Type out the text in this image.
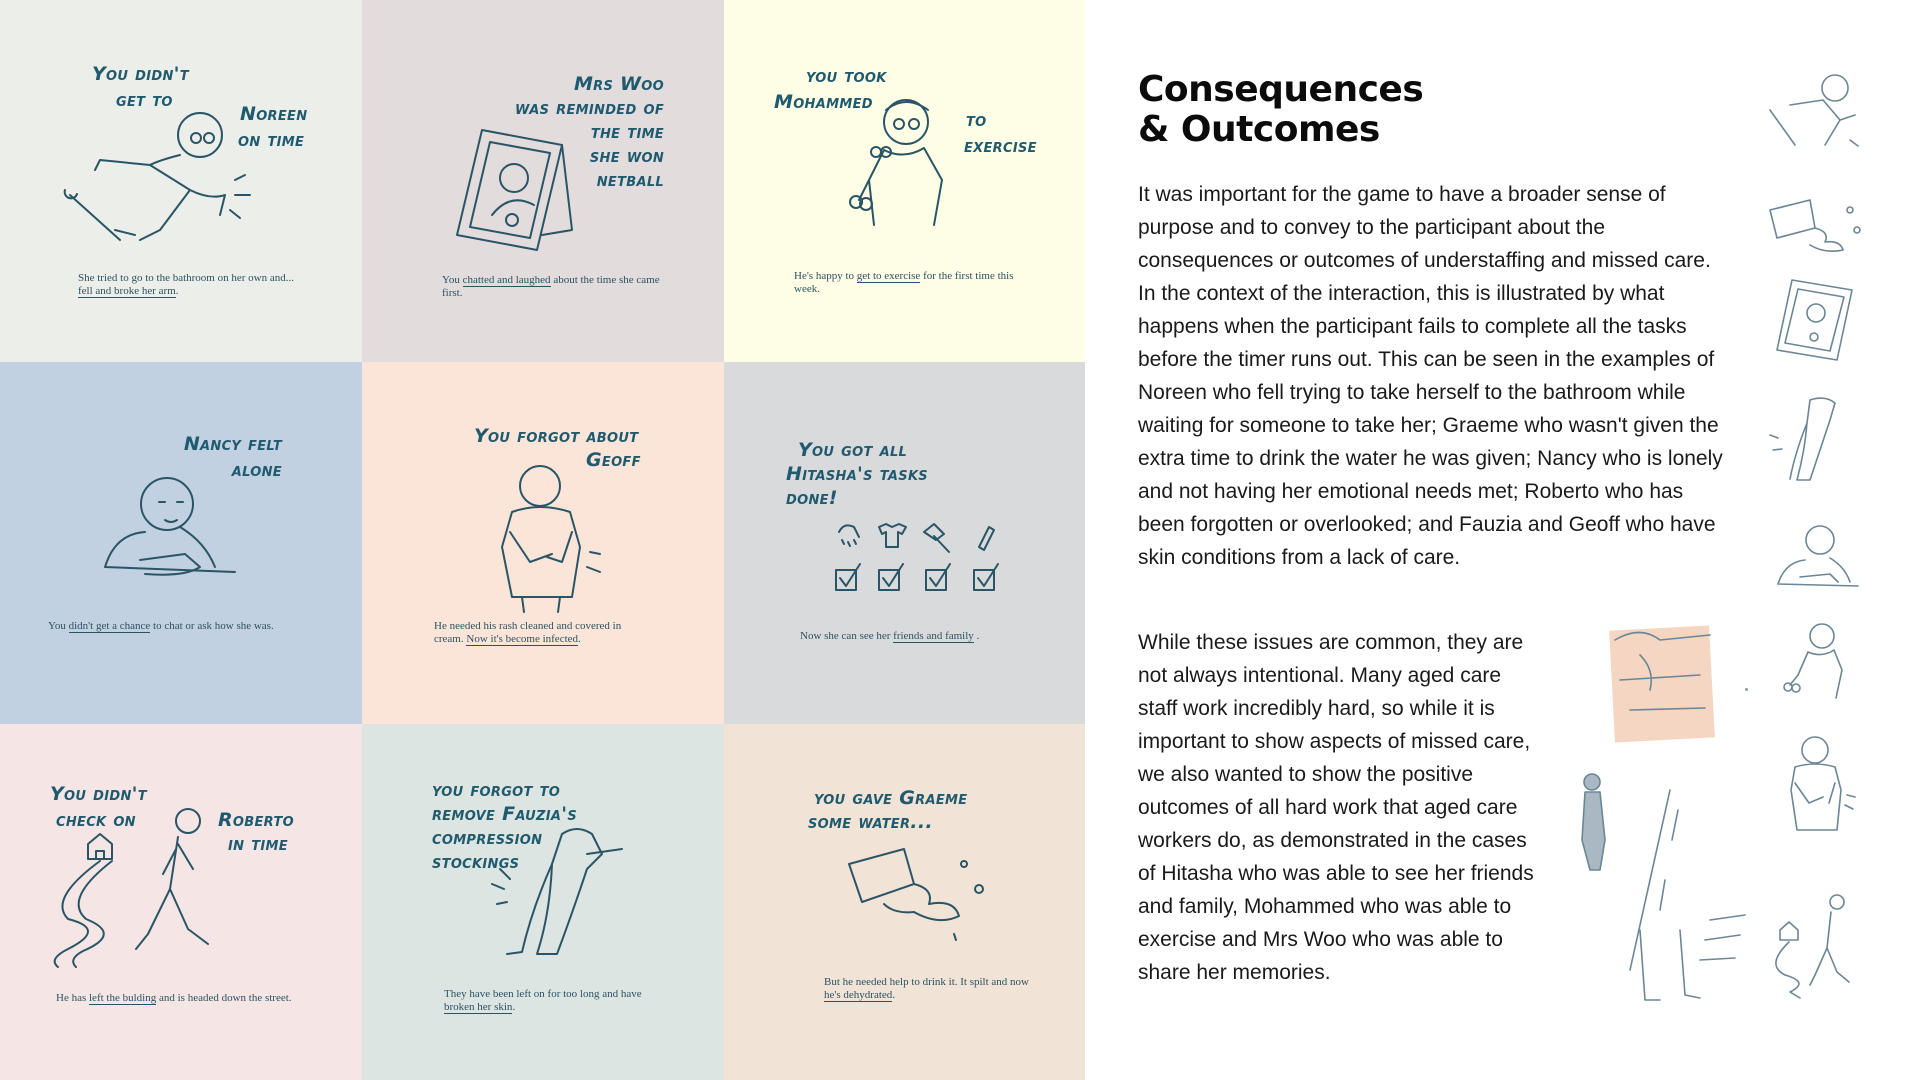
You didn't
get to
Noreen
on time
She tried to go to the bathroom on her own and... fell and broke her arm.
Mrs Woo
was reminded of
the time
she won
netball
You chatted and laughed about the time she came first.
you took
Mohammed
to
exercise
He's happy to get to exercise for the first time this week.
Nancy felt
alone
You didn't get a chance to chat or ask how she was.
You forgot about
Geoff
He needed his rash cleaned and covered in cream. Now it's become infected.
You got all
Hitasha's tasks
done!
Now she can see her friends and family .
You didn't
check on	Roberto
in time
He has left the bulding and is headed down the street.
you forgot to
remove Fauzia's
compression
stockings
They have been left on for too long and have broken her skin.
you gave Graeme
some water...
But he needed help to drink it. It spilt and now he's dehydrated.
Consequences
& Outcomes

It was important for the game to have a broader sense of purpose and to convey to the participant about the consequences or outcomes of understaffing and missed care. In the context of the interaction, this is illustrated by what happens when the participant fails to complete all the tasks before the timer runs out. This can be seen in the examples of Noreen who fell trying to take herself to the bathroom while waiting for someone to take her; Graeme who wasn't given the extra time to drink the water he was given; Nancy who is lonely and not having her emotional needs met; Roberto who has been forgotten or overlooked; and Fauzia and Geoff who have skin conditions from a lack of care.

While these issues are common, they are not always intentional. Many aged care staff work incredibly hard, so while it is important to show aspects of missed care, we also wanted to show the positive outcomes of all hard work that aged care workers do, as demonstrated in the cases of Hitasha who was able to see her friends and family, Mohammed who was able to exercise and Mrs Woo who was able to share her memories.
